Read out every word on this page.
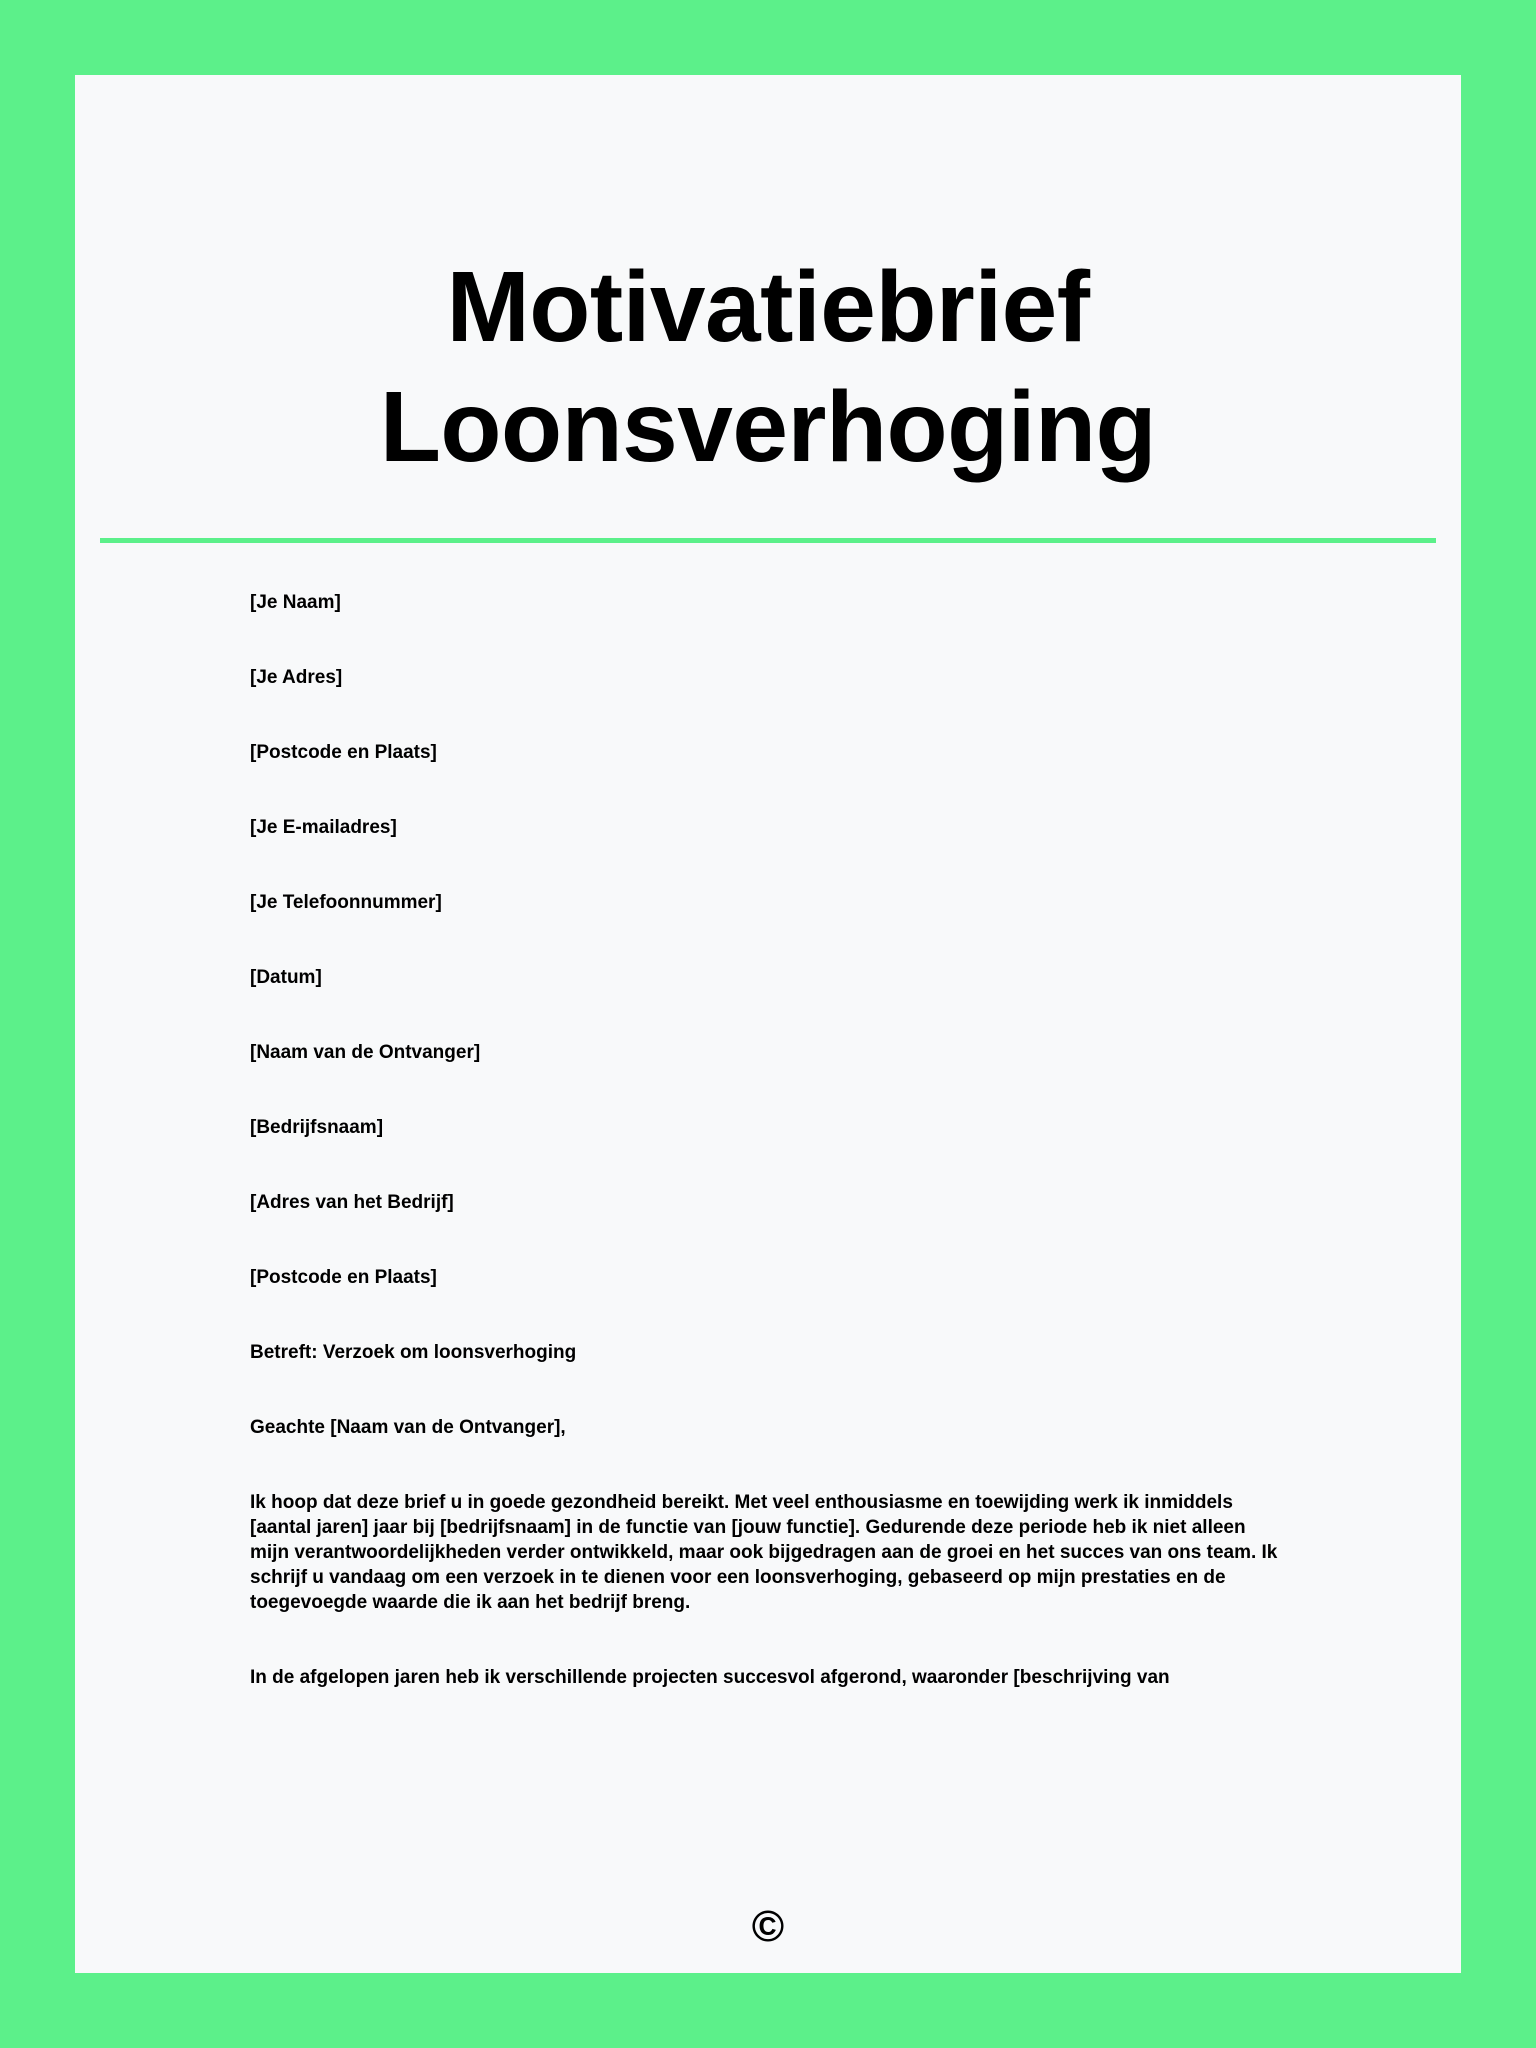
Motivatiebrief
Loonsverhoging

[Je Naam]

[Je Adres]

[Postcode en Plaats]

[Je E-mailadres]

[Je Telefoonnummer]

[Datum]

[Naam van de Ontvanger]

[Bedrijfsnaam]

[Adres van het Bedrijf]

[Postcode en Plaats]

Betreft: Verzoek om loonsverhoging

Geachte [Naam van de Ontvanger],

Ik hoop dat deze brief u in goede gezondheid bereikt. Met veel enthousiasme en toewijding werk ik inmiddels [aantal jaren] jaar bij [bedrijfsnaam] in de functie van [jouw functie]. Gedurende deze periode heb ik niet alleen mijn verantwoordelijkheden verder ontwikkeld, maar ook bijgedragen aan de groei en het succes van ons team. Ik schrijf u vandaag om een verzoek in te dienen voor een loonsverhoging, gebaseerd op mijn prestaties en de toegevoegde waarde die ik aan het bedrijf breng.

In de afgelopen jaren heb ik verschillende projecten succesvol afgerond, waaronder [beschrijving van

©
